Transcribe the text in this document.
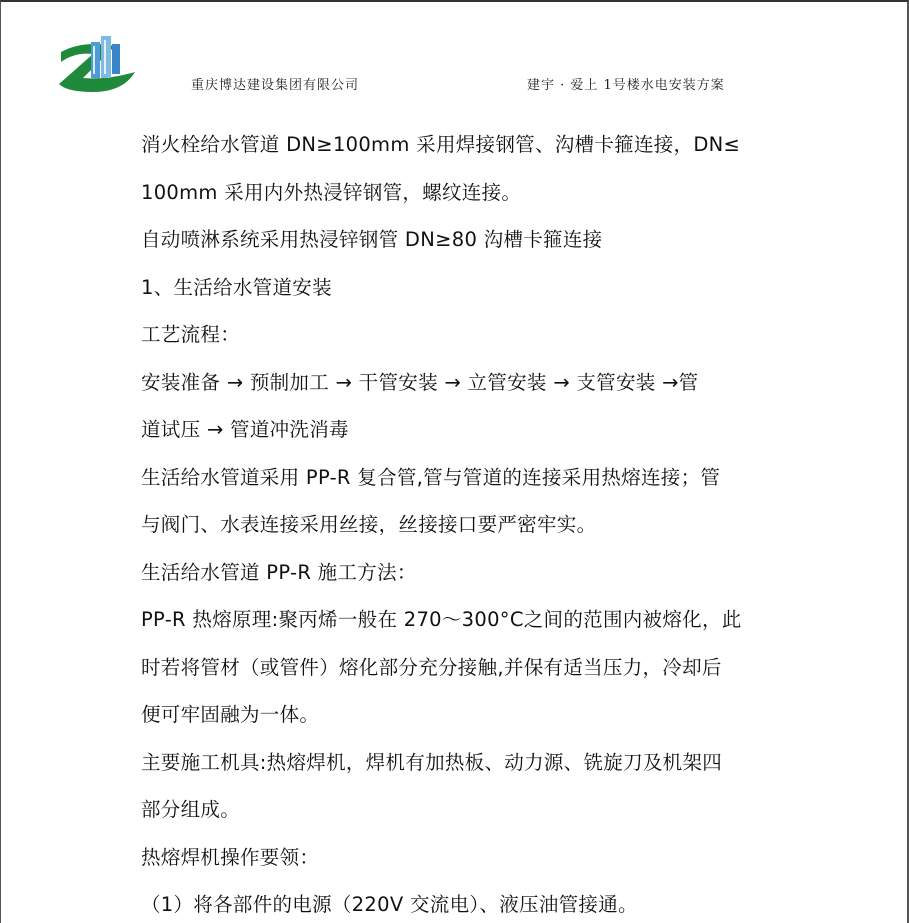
重庆博达建设集团有限公司	建宇 · 爱上 1号楼水电安装方案
消火栓给水管道 DN≥100mm 采用焊接钢管、沟槽卡箍连接，DN≤
100mm 采用内外热浸锌钢管，螺纹连接。
自动喷淋系统采用热浸锌钢管 DN≥80 沟槽卡箍连接
1、生活给水管道安装
工艺流程：
安装准备 → 预制加工 → 干管安装 → 立管安装 → 支管安装 →管
道试压 → 管道冲洗消毒
生活给水管道采用 PP-R 复合管,管与管道的连接采用热熔连接；管
与阀门、水表连接采用丝接，丝接接口要严密牢实。
生活给水管道 PP-R 施工方法：
PP-R 热熔原理:聚丙烯一般在 270～300°C之间的范围内被熔化，此
时若将管材（或管件）熔化部分充分接触,并保有适当压力，冷却后
便可牢固融为一体。
主要施工机具:热熔焊机，焊机有加热板、动力源、铣旋刀及机架四
部分组成。
热熔焊机操作要领：
（1）将各部件的电源（220V 交流电）、液压油管接通。
